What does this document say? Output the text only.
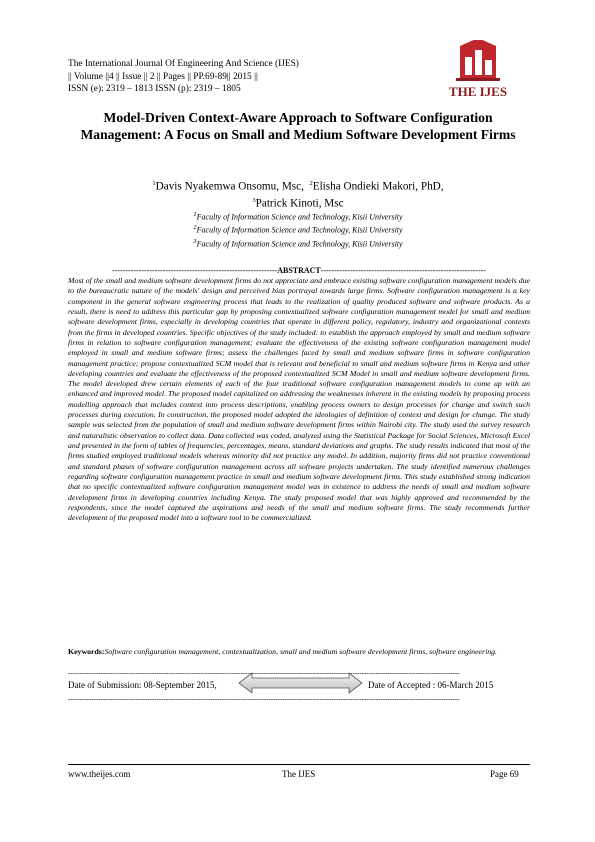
The International Journal Of Engineering And Science (IJES)
|| Volume ||4 || Issue || 2 || Pages || PP.69-89|| 2015 ||
ISSN (e): 2319 – 1813 ISSN (p): 2319 – 1805	THE IJES
Model-Driven Context-Aware Approach to Software Configuration Management: A Focus on Small and Medium Software Development Firms
$^1$Davis Nyakemwa Onsomu, Msc, $^2$Elisha Ondieki Makori, PhD,
$^3$Patrick Kinoti, Msc
$^1$Faculty of Information Science and Technology, Kisii University
$^2$Faculty of Information Science and Technology, Kisii University
$^3$Faculty of Information Science and Technology, Kisii University
--------------------------------------------------------------ABSTRACT--------------------------------------------------------------
Most of the small and medium software development firms do not appreciate and embrace existing software configuration management models due to the bureaucratic nature of the models' design and perceived bias portrayal towards large firms. Software configuration management is a key component in the general software engineering process that leads to the realization of quality produced software and software products. As a result, there is need to address this particular gap by proposing contextualized software configuration management model for small and medium software development firms, especially in developing countries that operate in different policy, regulatory, industry and organizational contexts from the firms in developed countries. Specific objectives of the study included: to establish the approach employed by small and medium software firms in relation to software configuration management; evaluate the effectiveness of the existing software configuration management model employed in small and medium software firms; assess the challenges faced by small and medium software firms in software configuration management practice; propose contextualized SCM model that is relevant and beneficial to small and medium software firms in Kenya and other developing countries and evaluate the effectiveness of the proposed contextualized SCM Model in small and medium software development firms. The model developed drew certain elements of each of the four traditional software configuration management models to come up with an enhanced and improved model. The proposed model capitalized on addressing the weaknesses inherent in the existing models by proposing process modelling approach that includes context into process descriptions, enabling process owners to design processes for change and switch such processes during execution. In construction, the proposed model adopted the ideologies of definition of context and design for change. The study sample was selected from the population of small and medium software development firms within Nairobi city. The study used the survey research and naturalistic observation to collect data. Data collected was coded, analyzed using the Statistical Package for Social Sciences, Microsoft Excel and presented in the form of tables of frequencies, percentages, means, standard deviations and graphs. The study results indicated that most of the firms studied employed traditional models whereas minority did not practice any model. In addition, majority firms did not practice conventional and standard phases of software configuration management across all software projects undertaken. The study identified numerous challenges regarding software configuration management practice in small and medium software development firms. This study established strong indication that no specific contextualized software configuration management model was in existence to address the needs of small and medium software development firms in developing countries including Kenya. The study proposed model that was highly approved and recommended by the respondents, since the model captured the aspirations and needs of the small and medium software firms. The study recommends further development of the proposed model into a software tool to be commercialized.
Keywords:Software configuration management, contextualization, small and medium software development firms, software engineering.
------------------------------------------------------------------------------------------------------------------------------------------------------------------------
Date of Submission: 08-September 2015,	Date of Accepted : 06-March 2015
------------------------------------------------------------------------------------------------------------------------------------------------------------------------
www.theijes.com	The IJES	Page 69
